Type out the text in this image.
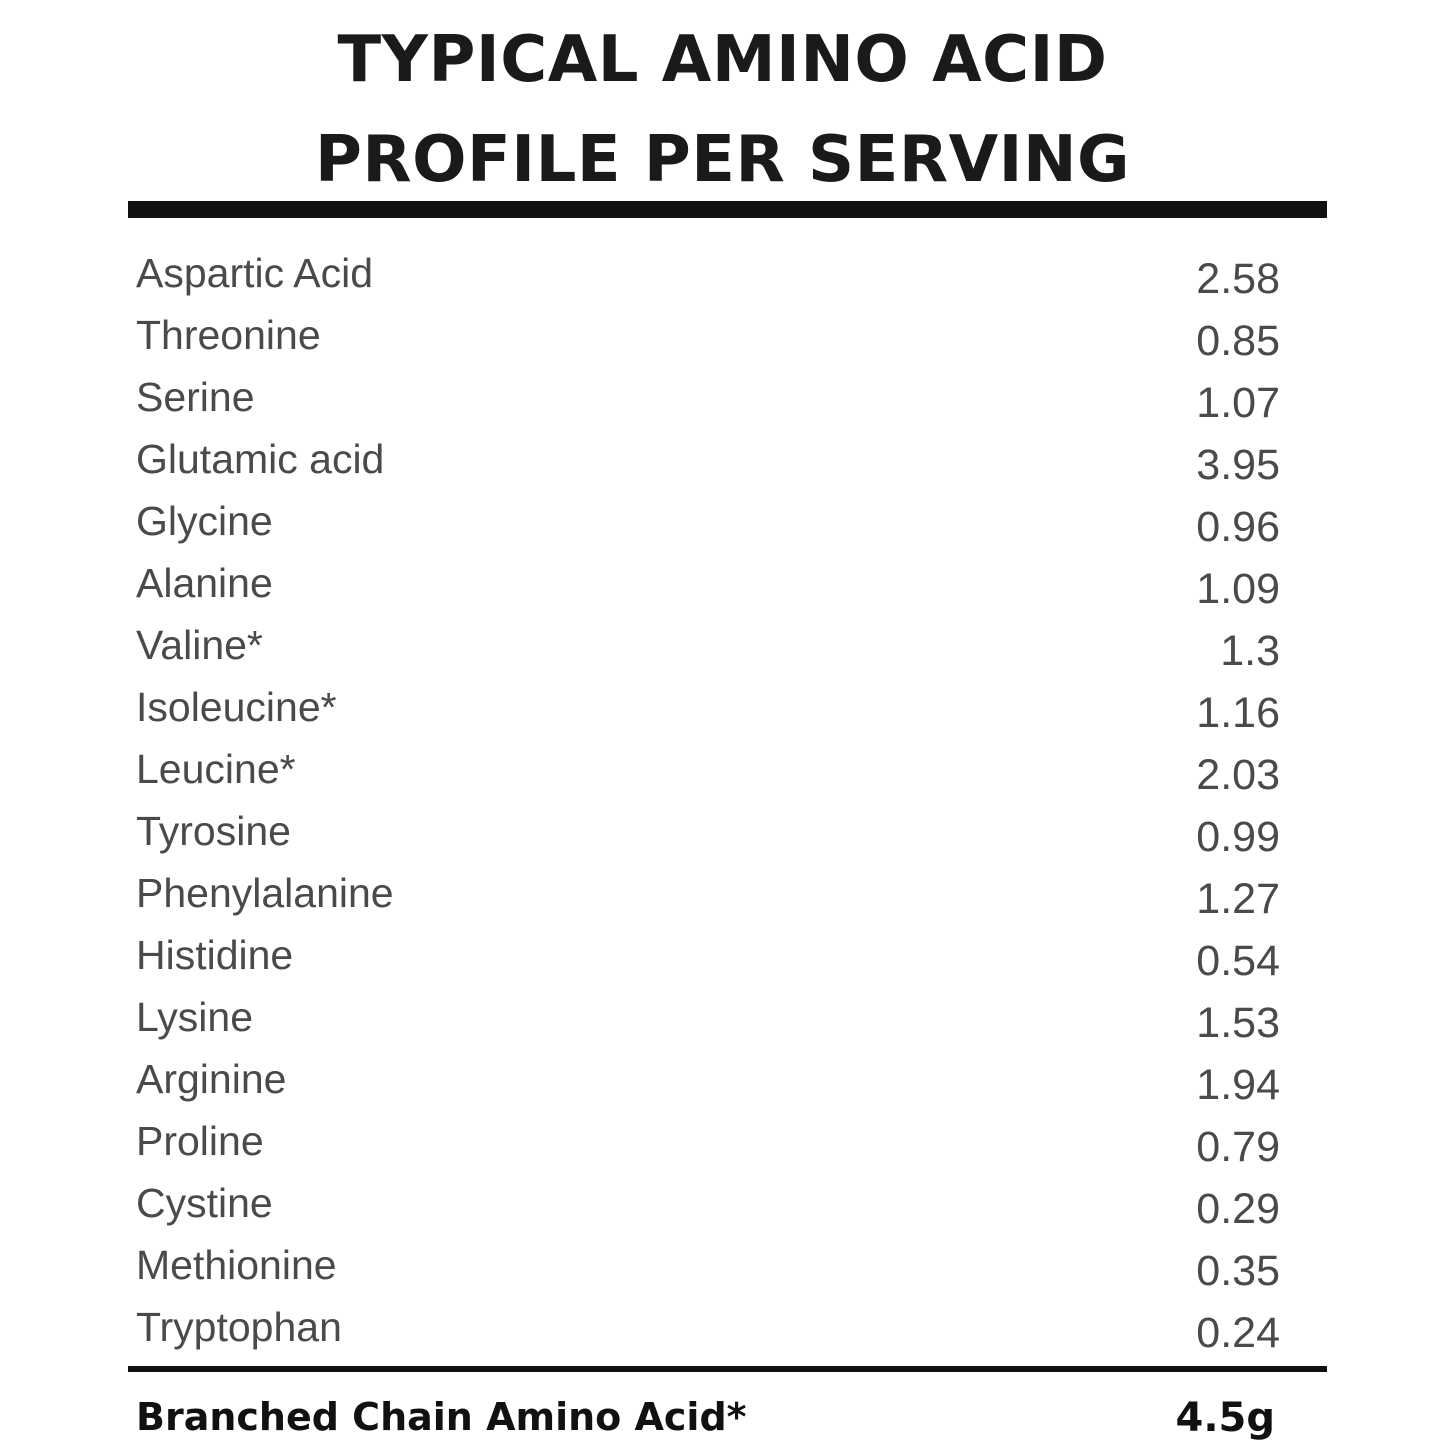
TYPICAL AMINO ACID
PROFILE PER SERVING
Aspartic Acid	2.58
Threonine	0.85
Serine	1.07
Glutamic acid	3.95
Glycine	0.96
Alanine	1.09
Valine*	1.3
Isoleucine*	1.16
Leucine*	2.03
Tyrosine	0.99
Phenylalanine	1.27
Histidine	0.54
Lysine	1.53
Arginine	1.94
Proline	0.79
Cystine	0.29
Methionine	0.35
Tryptophan	0.24
Branched Chain Amino Acid*	4.5g
